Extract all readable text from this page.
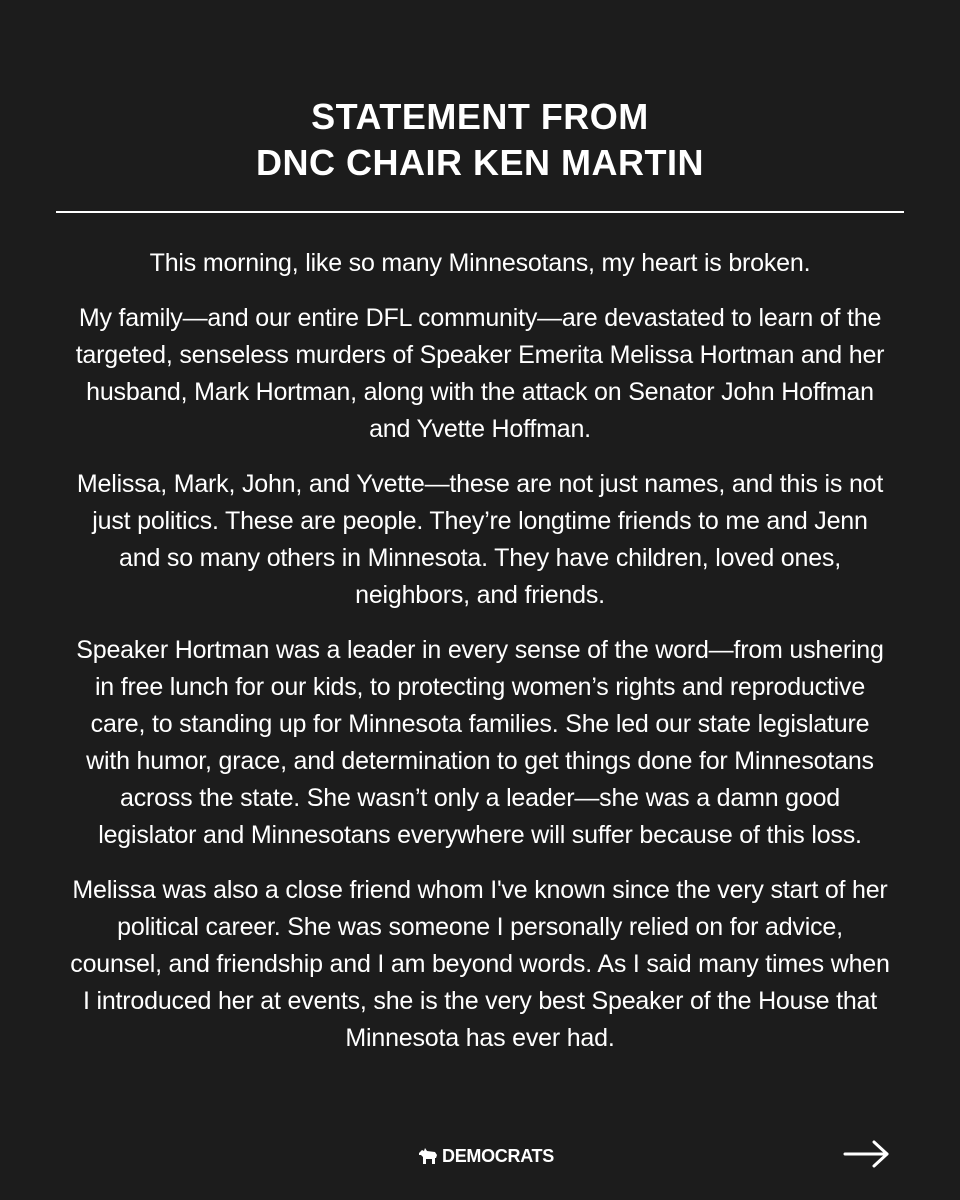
STATEMENT FROM
DNC CHAIR KEN MARTIN

This morning, like so many Minnesotans, my heart is broken.

My family—and our entire DFL community—are devastated to learn of the targeted, senseless murders of Speaker Emerita Melissa Hortman and her husband, Mark Hortman, along with the attack on Senator John Hoffman and Yvette Hoffman.

Melissa, Mark, John, and Yvette—these are not just names, and this is not just politics. These are people. They’re longtime friends to me and Jenn and so many others in Minnesota. They have children, loved ones, neighbors, and friends.

Speaker Hortman was a leader in every sense of the word—from ushering in free lunch for our kids, to protecting women’s rights and reproductive care, to standing up for Minnesota families. She led our state legislature with humor, grace, and determination to get things done for Minnesotans across the state. She wasn’t only a leader—she was a damn good legislator and Minnesotans everywhere will suffer because of this loss.

Melissa was also a close friend whom I've known since the very start of her political career. She was someone I personally relied on for advice, counsel, and friendship and I am beyond words. As I said many times when I introduced her at events, she is the very best Speaker of the House that Minnesota has ever had.

DEMOCRATS
